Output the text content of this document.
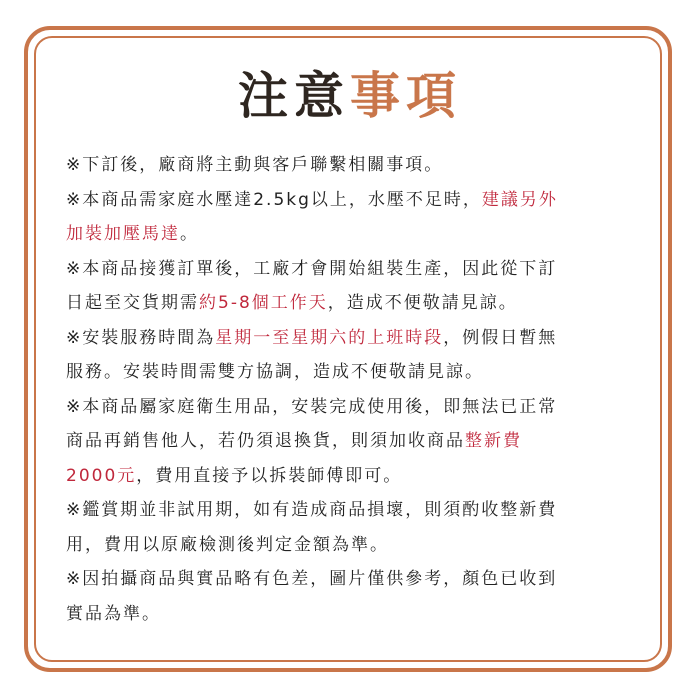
注意事項
※下訂後，廠商將主動與客戶聯繫相關事項。
※本商品需家庭水壓達2.5kg以上，水壓不足時，建議另外
加裝加壓馬達。
※本商品接獲訂單後，工廠才會開始組裝生產，因此從下訂
日起至交貨期需約5-8個工作天，造成不便敬請見諒。
※安裝服務時間為星期一至星期六的上班時段，例假日暫無
服務。安裝時間需雙方協調，造成不便敬請見諒。
※本商品屬家庭衛生用品，安裝完成使用後，即無法已正常
商品再銷售他人，若仍須退換貨，則須加收商品整新費
2000元，費用直接予以拆裝師傅即可。
※鑑賞期並非試用期，如有造成商品損壞，則須酌收整新費
用，費用以原廠檢測後判定金額為準。
※因拍攝商品與實品略有色差，圖片僅供參考，顏色已收到
實品為準。
